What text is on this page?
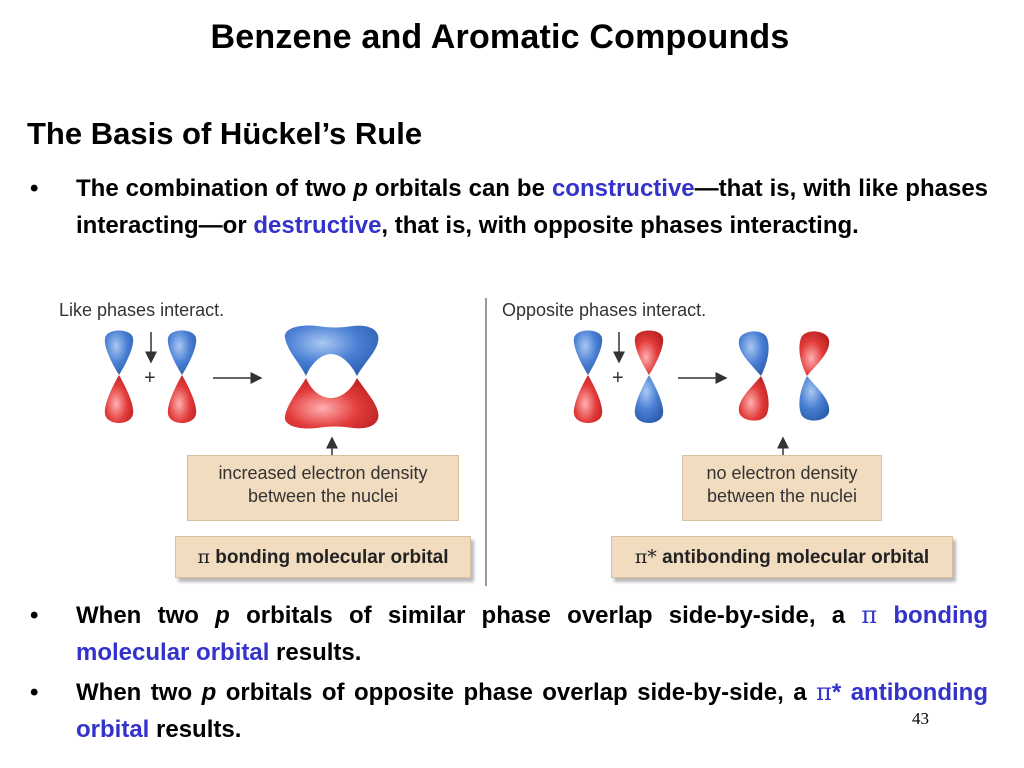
Benzene and Aromatic Compounds
The Basis of Hückel’s Rule
• The combination of two p orbitals can be constructive—that is, with like phases interacting—or destructive, that is, with opposite phases interacting.
Like phases interact.	Opposite phases interact.
+	+
increased electron density
between the nuclei
no electron density
between the nuclei
π bonding molecular orbital	π* antibonding molecular orbital
• When two p orbitals of similar phase overlap side-by-side, a π bonding molecular orbital results.
• When two p orbitals of opposite phase overlap side-by-side, a π* antibonding orbital results.	43
